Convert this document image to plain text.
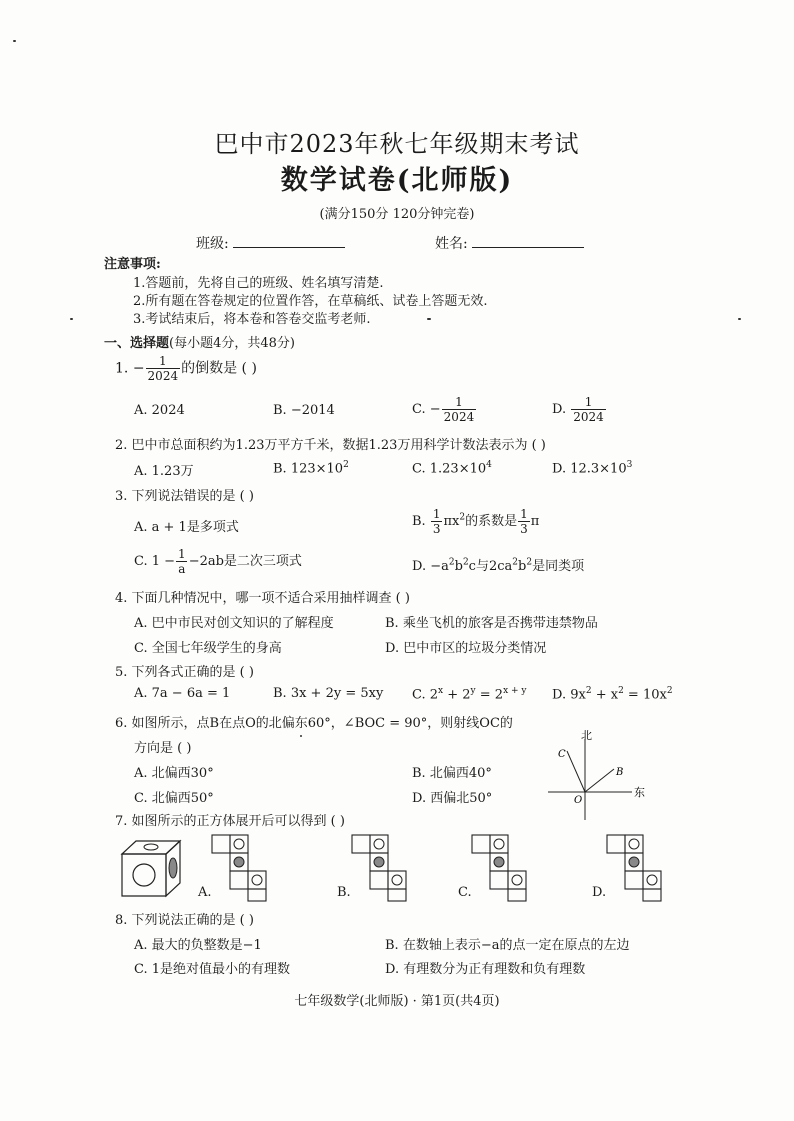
巴中市2023年秋七年级期末考试
数学试卷(北师版)
(满分150分 120分钟完卷)
班级:	姓名:
注意事项:
1.答题前，先将自己的班级、姓名填写清楚.
2.所有题在答卷规定的位置作答，在草稿纸、试卷上答题无效.
3.考试结束后，将本卷和答卷交监考老师.
一、选择题(每小题4分，共48分)
1. − $\frac{1}{2024}$ 的倒数是 ( )
A. 2024	B. −2014	C. − $\frac{1}{2024}$	D. $\frac{1}{2024}$
2. 巴中市总面积约为1.23万平方千米，数据1.23万用科学计数法表示为 ( )
A. 1.23万	B. $123\times 10^2$	C. $1.23\times 10^4$	D. $12.3\times 10^3$
3. 下列说法错误的是 ( )
A. a + 1是多项式	B. $\frac{1}{3} \pi x^2$的系数是 $\frac{1}{3}$ π
C. $1 - \frac{1}{a} -2ab$是二次三项式	D. $-a^2b^2c$与$2ca^2b^2$是同类项
4. 下面几种情况中，哪一项不适合采用抽样调查 ( )
A. 巴中市民对创文知识的了解程度	B. 乘坐飞机的旅客是否携带违禁物品
C. 全国七年级学生的身高	D. 巴中市区的垃圾分类情况
5. 下列各式正确的是 ( )
A. 7a − 6a = 1	B. 3x + 2y = 5xy C. $2^x + 2^y = 2^{x + y}$ D. $9x^2 + x^2 = 10x^2$
6. 如图所示，点B在点O的北偏东60°，∠BOC = 90°，则射线OC的
方向是 ( )
A. 北偏西30°	B. 北偏西40°
C. 北偏西50°	D. 西偏北50°
北
东
O
B
C
7. 如图所示的正方体展开后可以得到 ( )
A.	B.	C.	D.
8. 下列说法正确的是 ( )
A. 最大的负整数是−1	B. 在数轴上表示−a的点一定在原点的左边
C. 1是绝对值最小的有理数	D. 有理数分为正有理数和负有理数
七年级数学(北师版) · 第1页(共4页)
